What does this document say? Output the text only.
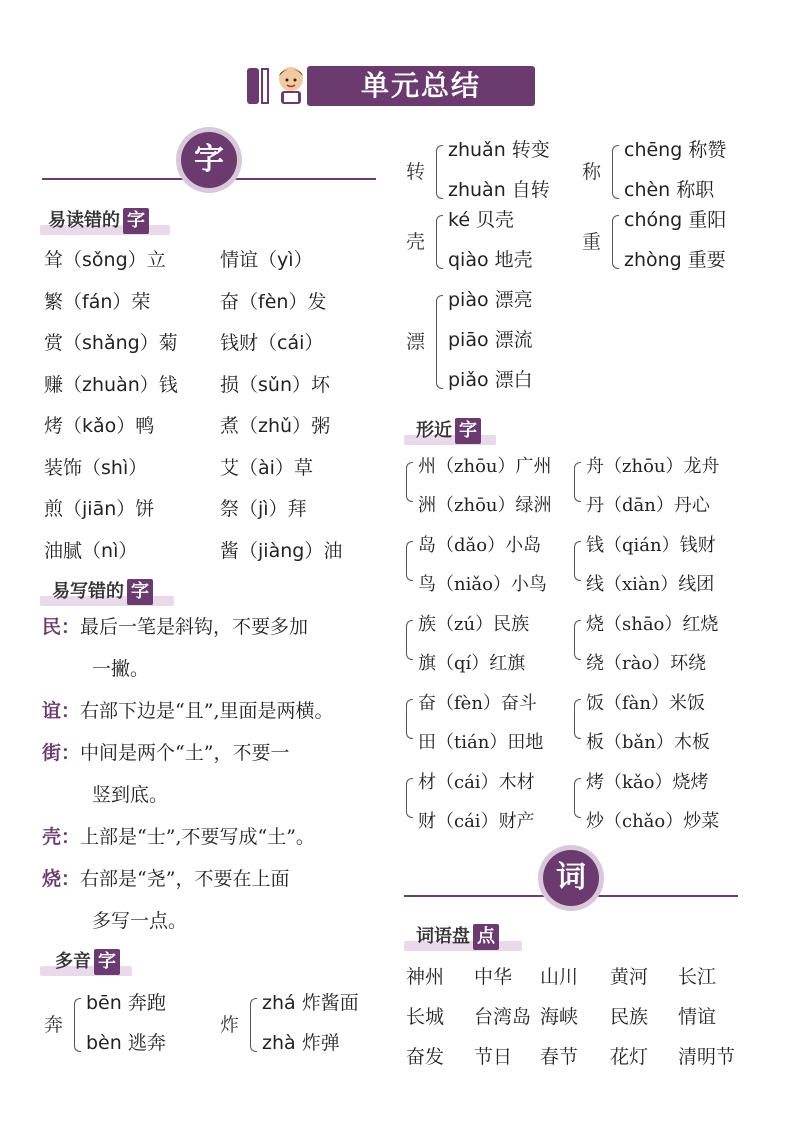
单元总结
字
易读错的 字
耸（sǒng）立
繁（fán）荣
赏（shǎng）菊
赚（zhuàn）钱
烤（kǎo）鸭
装饰（shì）
煎（jiān）饼
油腻（nì）
情谊（yì）
奋（fèn）发
钱财（cái）
损（sǔn）坏
煮（zhǔ）粥
艾（ài）草
祭（jì）拜
酱（jiàng）油
易写错的 字
民：最后一笔是斜钩，不要多加
一撇。
谊：右部下边是“且”,里面是两横。
街：中间是两个“土”，不要一
竖到底。
壳：上部是“士”,不要写成“土”。
烧：右部是“尧”，不要在上面
多写一点。
多音 字
奔
bēn 奔跑
bèn 逃奔
炸
zhá 炸酱面
zhà 炸弹
转
zhuǎn 转变
zhuàn 自转
称
chēng 称赞
chèn 称职
壳
ké 贝壳
qiào 地壳
重
chóng 重阳
zhòng 重要
漂
piào 漂亮
piāo 漂流
piǎo 漂白
形近 字
州（zhōu）广州
洲（zhōu）绿洲
舟（zhōu）龙舟
丹（dān）丹心
岛（dǎo）小岛
鸟（niǎo）小鸟
钱（qián）钱财
线（xiàn）线团
族（zú）民族
旗（qí）红旗
烧（shāo）红烧
绕（rào）环绕
奋（fèn）奋斗
田（tián）田地
饭（fàn）米饭
板（bǎn）木板
材（cái）木材
财（cái）财产
烤（kǎo）烧烤
炒（chǎo）炒菜
词
词语盘 点
神州 中华 山川 黄河 长江
长城 台湾岛 海峡 民族 情谊
奋发 节日 春节 花灯 清明节
